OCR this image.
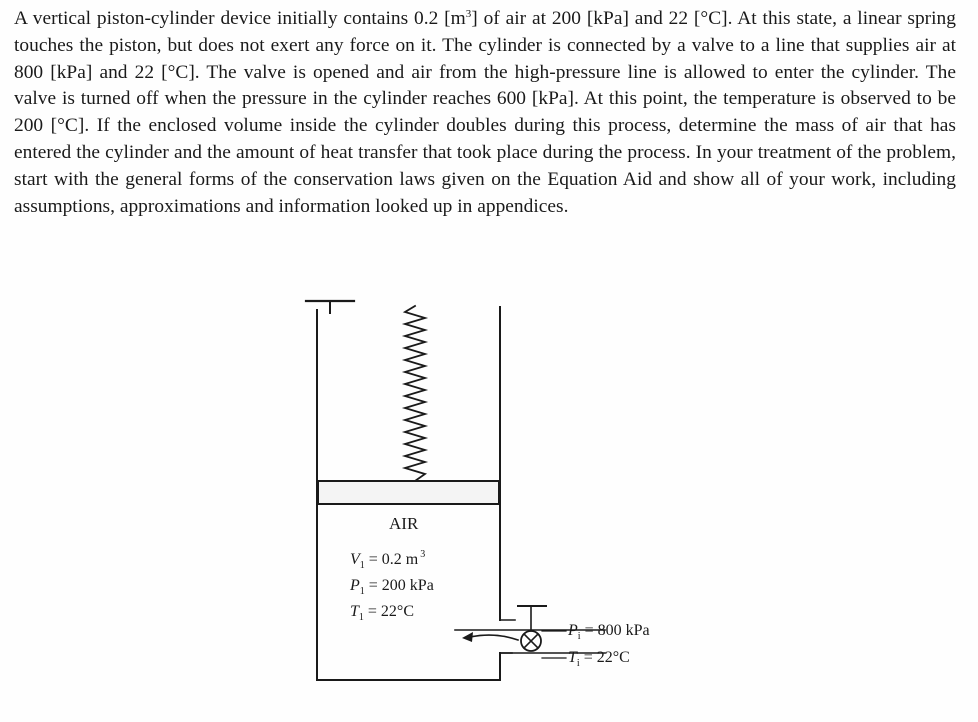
A vertical piston-cylinder device initially contains 0.2 $[m^3]$ of air at 200 [kPa] and 22 [°C]. At this state, a linear spring touches the piston, but does not exert any force on it. The cylinder is connected by a valve to a line that supplies air at 800 [kPa] and 22 [°C]. The valve is opened and air from the high-pressure line is allowed to enter the cylinder. The valve is turned off when the pressure in the cylinder reaches 600 [kPa]. At this point, the temperature is observed to be 200 [°C]. If the enclosed volume inside the cylinder doubles during this process, determine the mass of air that has entered the cylinder and the amount of heat transfer that took place during the process. In your treatment of the problem, start with the general forms of the conservation laws given on the Equation Aid and show all of your work, including assumptions, approximations and information looked up in appendices.

AIR
$V_1 = 0.2$ m $^3$
$P_1 = 200$ kPa
$T_1 = 22^\circ C$
$P_i = 800$ kPa
$T_i = 22^\circ C$
